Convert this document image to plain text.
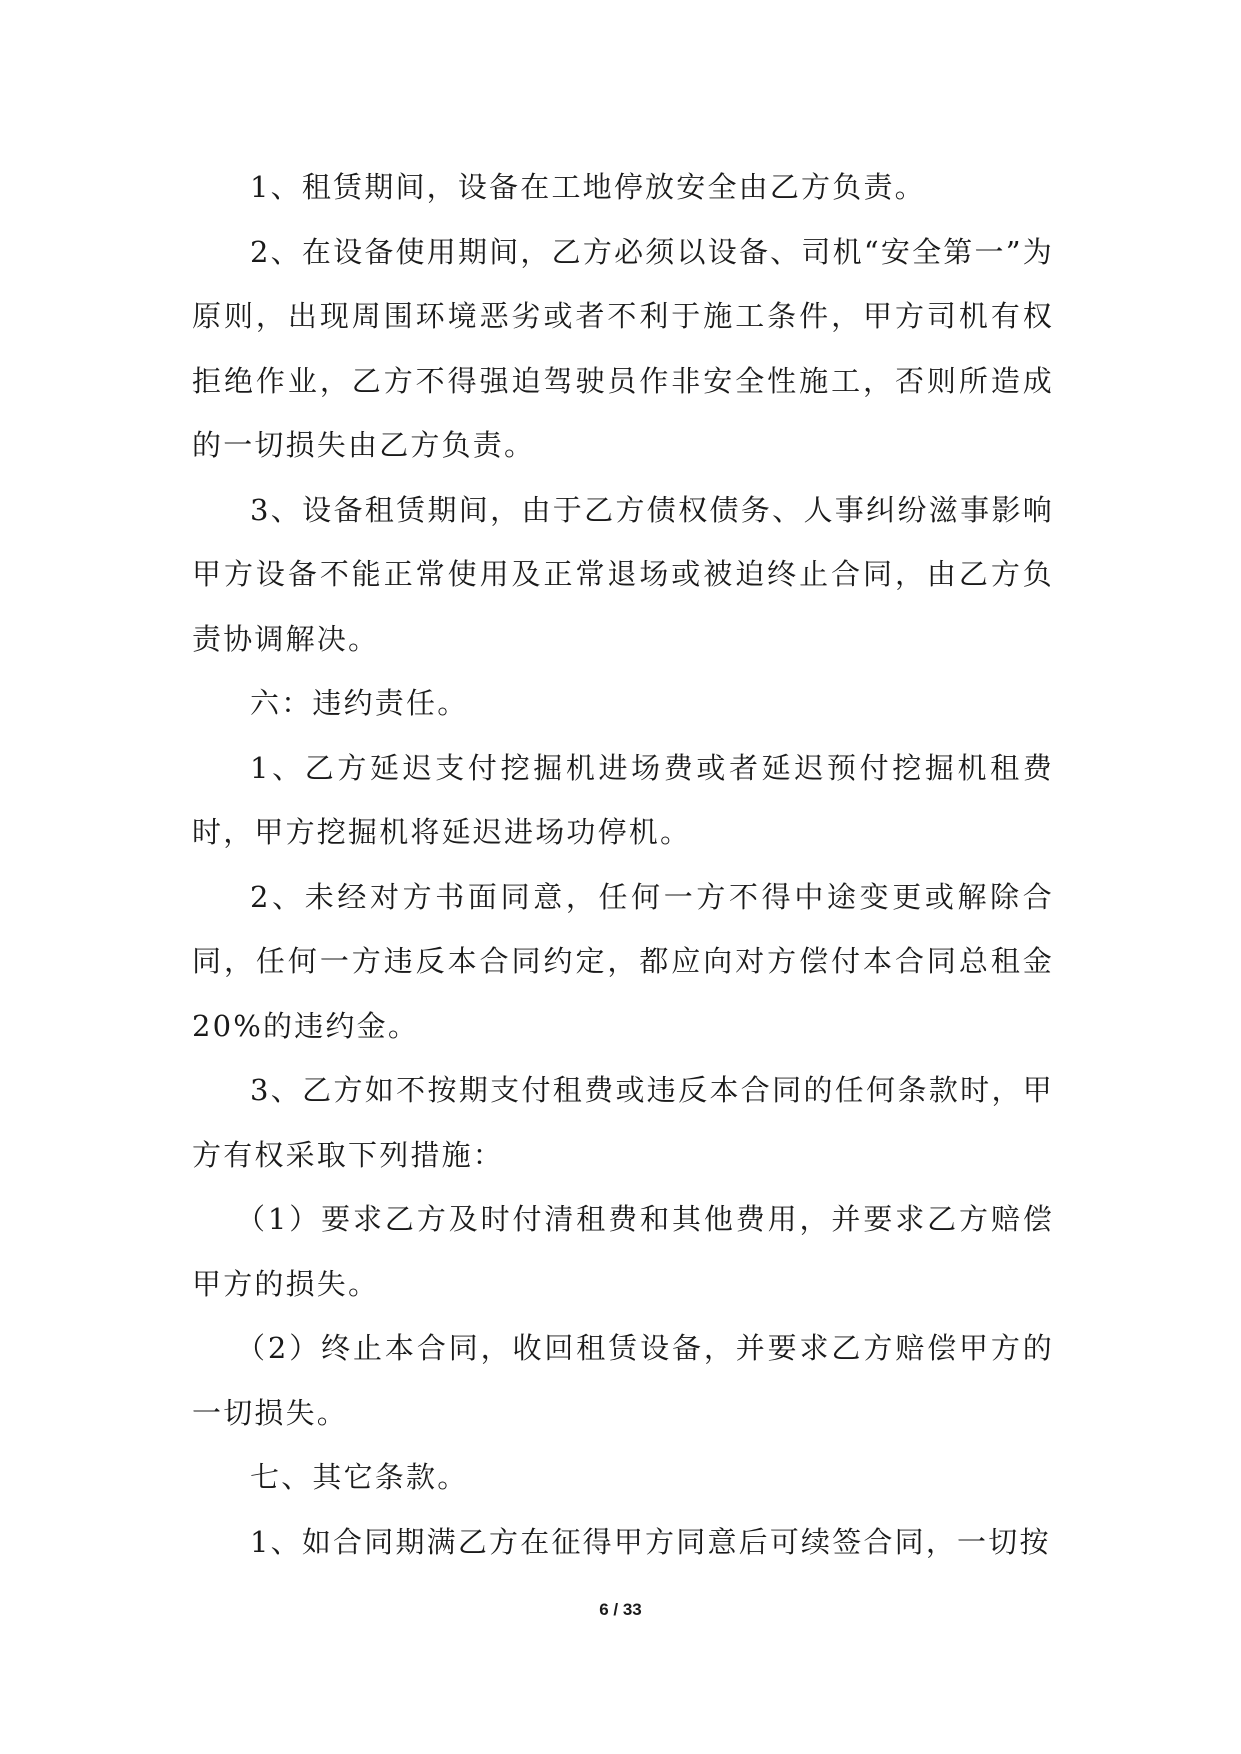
1、租赁期间，设备在工地停放安全由乙方负责。

2、在设备使用期间，乙方必须以设备、司机“安全第一”为原则，出现周围环境恶劣或者不利于施工条件，甲方司机有权拒绝作业，乙方不得强迫驾驶员作非安全性施工，否则所造成的一切损失由乙方负责。

3、设备租赁期间，由于乙方债权债务、人事纠纷滋事影响甲方设备不能正常使用及正常退场或被迫终止合同，由乙方负责协调解决。

六：违约责任。

1、乙方延迟支付挖掘机进场费或者延迟预付挖掘机租费时，甲方挖掘机将延迟进场功停机。

2、未经对方书面同意，任何一方不得中途变更或解除合同，任何一方违反本合同约定，都应向对方偿付本合同总租金 20%的违约金。

3、乙方如不按期支付租费或违反本合同的任何条款时，甲方有权采取下列措施：

（1）要求乙方及时付清租费和其他费用，并要求乙方赔偿甲方的损失。

（2）终止本合同，收回租赁设备，并要求乙方赔偿甲方的一切损失。

七、其它条款。

1、如合同期满乙方在征得甲方同意后可续签合同，一切按

6 / 33
